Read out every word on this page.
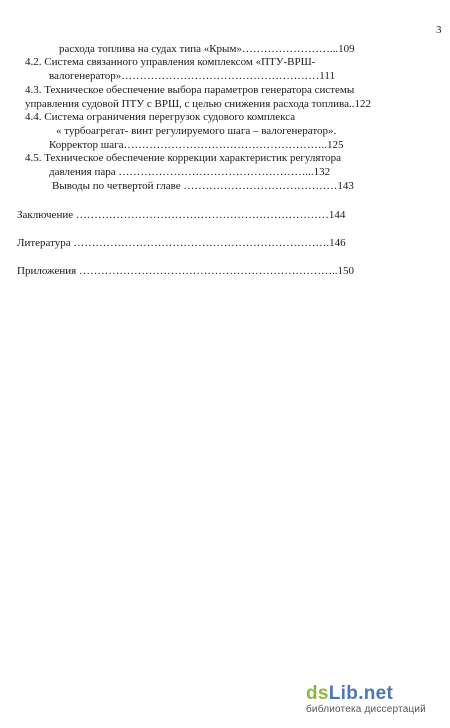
3
расхода топлива на судах типа «Крым»……………………...109
4.2. Система связанного управления комплексом «ПТУ-ВРШ-
валогенератор»………………………………………………111
4.3. Техническое обеспечение выбора параметров генератора системы
управления судовой ПТУ с ВРШ, с целью снижения расхода топлива..122
4.4. Система ограничения перегрузок судового комплекса
« турбоагрегат- винт регулируемого шага – валогенератор».
Корректор шага………………………………………………..125
4.5. Техническое обеспечение коррекции характеристик регулятора
давления пара ……………………………………………...132
Выводы по четвертой главе ……………………………………143
Заключение ……………………………………………………………144
Литература …………………………………………………………….146
Приложения ……………………………………………………………..150
dsLib.net
библиотека диссертаций
